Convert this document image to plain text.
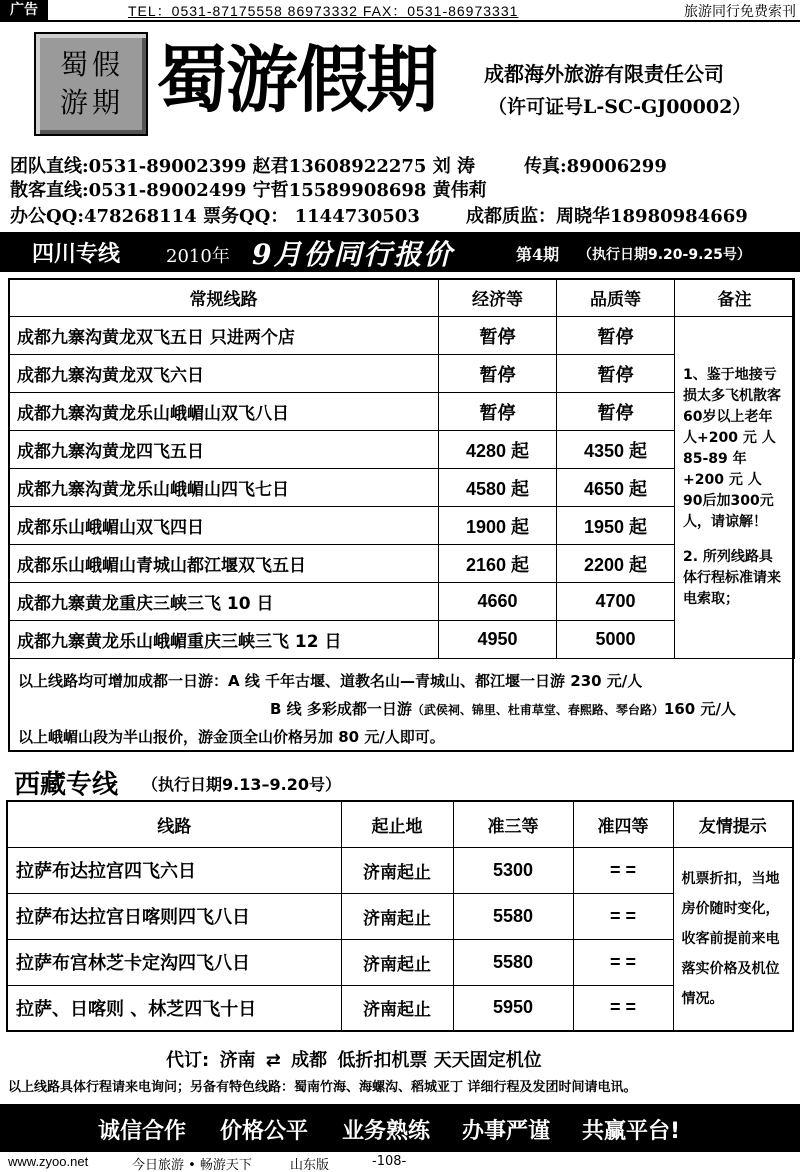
广告	TEL：0531-87175558 86973332 FAX：0531-86973331	旅游同行免费索刊
蜀假游期 蜀游假期 成都海外旅游有限责任公司
（许可证号L-SC-GJ00002）
团队直线:0531-89002399 赵君13608922275 刘 涛	传真:89006299
散客直线:0531-89002499 宁哲15589908698 黄伟莉
办公QQ:478268114 票务QQ： 1144730503	成都质监：周晓华18980984669
四川专线	2010年 9月份同行报价	第4期 （执行日期9.20-9.25号）
常规线路	经济等	品质等	备注
成都九寨沟黄龙双飞五日 只进两个店	暂停	暂停	1、鉴于地接亏损太多飞机散客60岁以上老年人+200 元 人 85-89 年+200 元 人 90后加300元人，请谅解！
2. 所列线路具体行程标准请来电索取；

成都九寨沟黄龙双飞六日	暂停	暂停	
成都九寨沟黄龙乐山峨嵋山双飞八日	暂停	暂停	
成都九寨沟黄龙四飞五日	4280 起	4350 起	
成都九寨沟黄龙乐山峨嵋山四飞七日	4580 起	4650 起	
成都乐山峨嵋山双飞四日	1900 起	1950 起	
成都乐山峨嵋山青城山都江堰双飞五日	2160 起	2200 起	
成都九寨黄龙重庆三峡三飞 10 日	4660	4700	
成都九寨黄龙乐山峨嵋重庆三峡三飞 12 日	4950	5000	
以上线路均可增加成都一日游：A 线 千年古堰、道教名山—青城山、都江堰一日游 230 元/人
B 线 多彩成都一日游（武侯祠、锦里、杜甫草堂、春熙路、琴台路）160 元/人
以上峨嵋山段为半山报价，游金顶全山价格另加 80 元/人即可。
西藏专线 （执行日期9.13–9.20号）
线路	起止地	准三等	准四等	友情提示
拉萨布达拉宫四飞六日	济南起止	5300	= =	机票折扣，当地房价随时变化，收客前提前来电落实价格及机位情况。
拉萨布达拉宫日喀则四飞八日	济南起止	5580	= =	
拉萨布宫林芝卡定沟四飞八日	济南起止	5580	= =	
拉萨、日喀则 、林芝四飞十日	济南起止	5950	= =	
代订: 济南 ⇄ 成都 低折扣机票 天天固定机位
以上线路具体行程请来电询问；另备有特色线路：蜀南竹海、海螺沟、稻城亚丁 详细行程及发团时间请电讯。
诚信合作 价格公平 业务熟练 办事严谨 共赢平台!
www.zyoo.net	今日旅游 • 畅游天下	山东版	-108-
